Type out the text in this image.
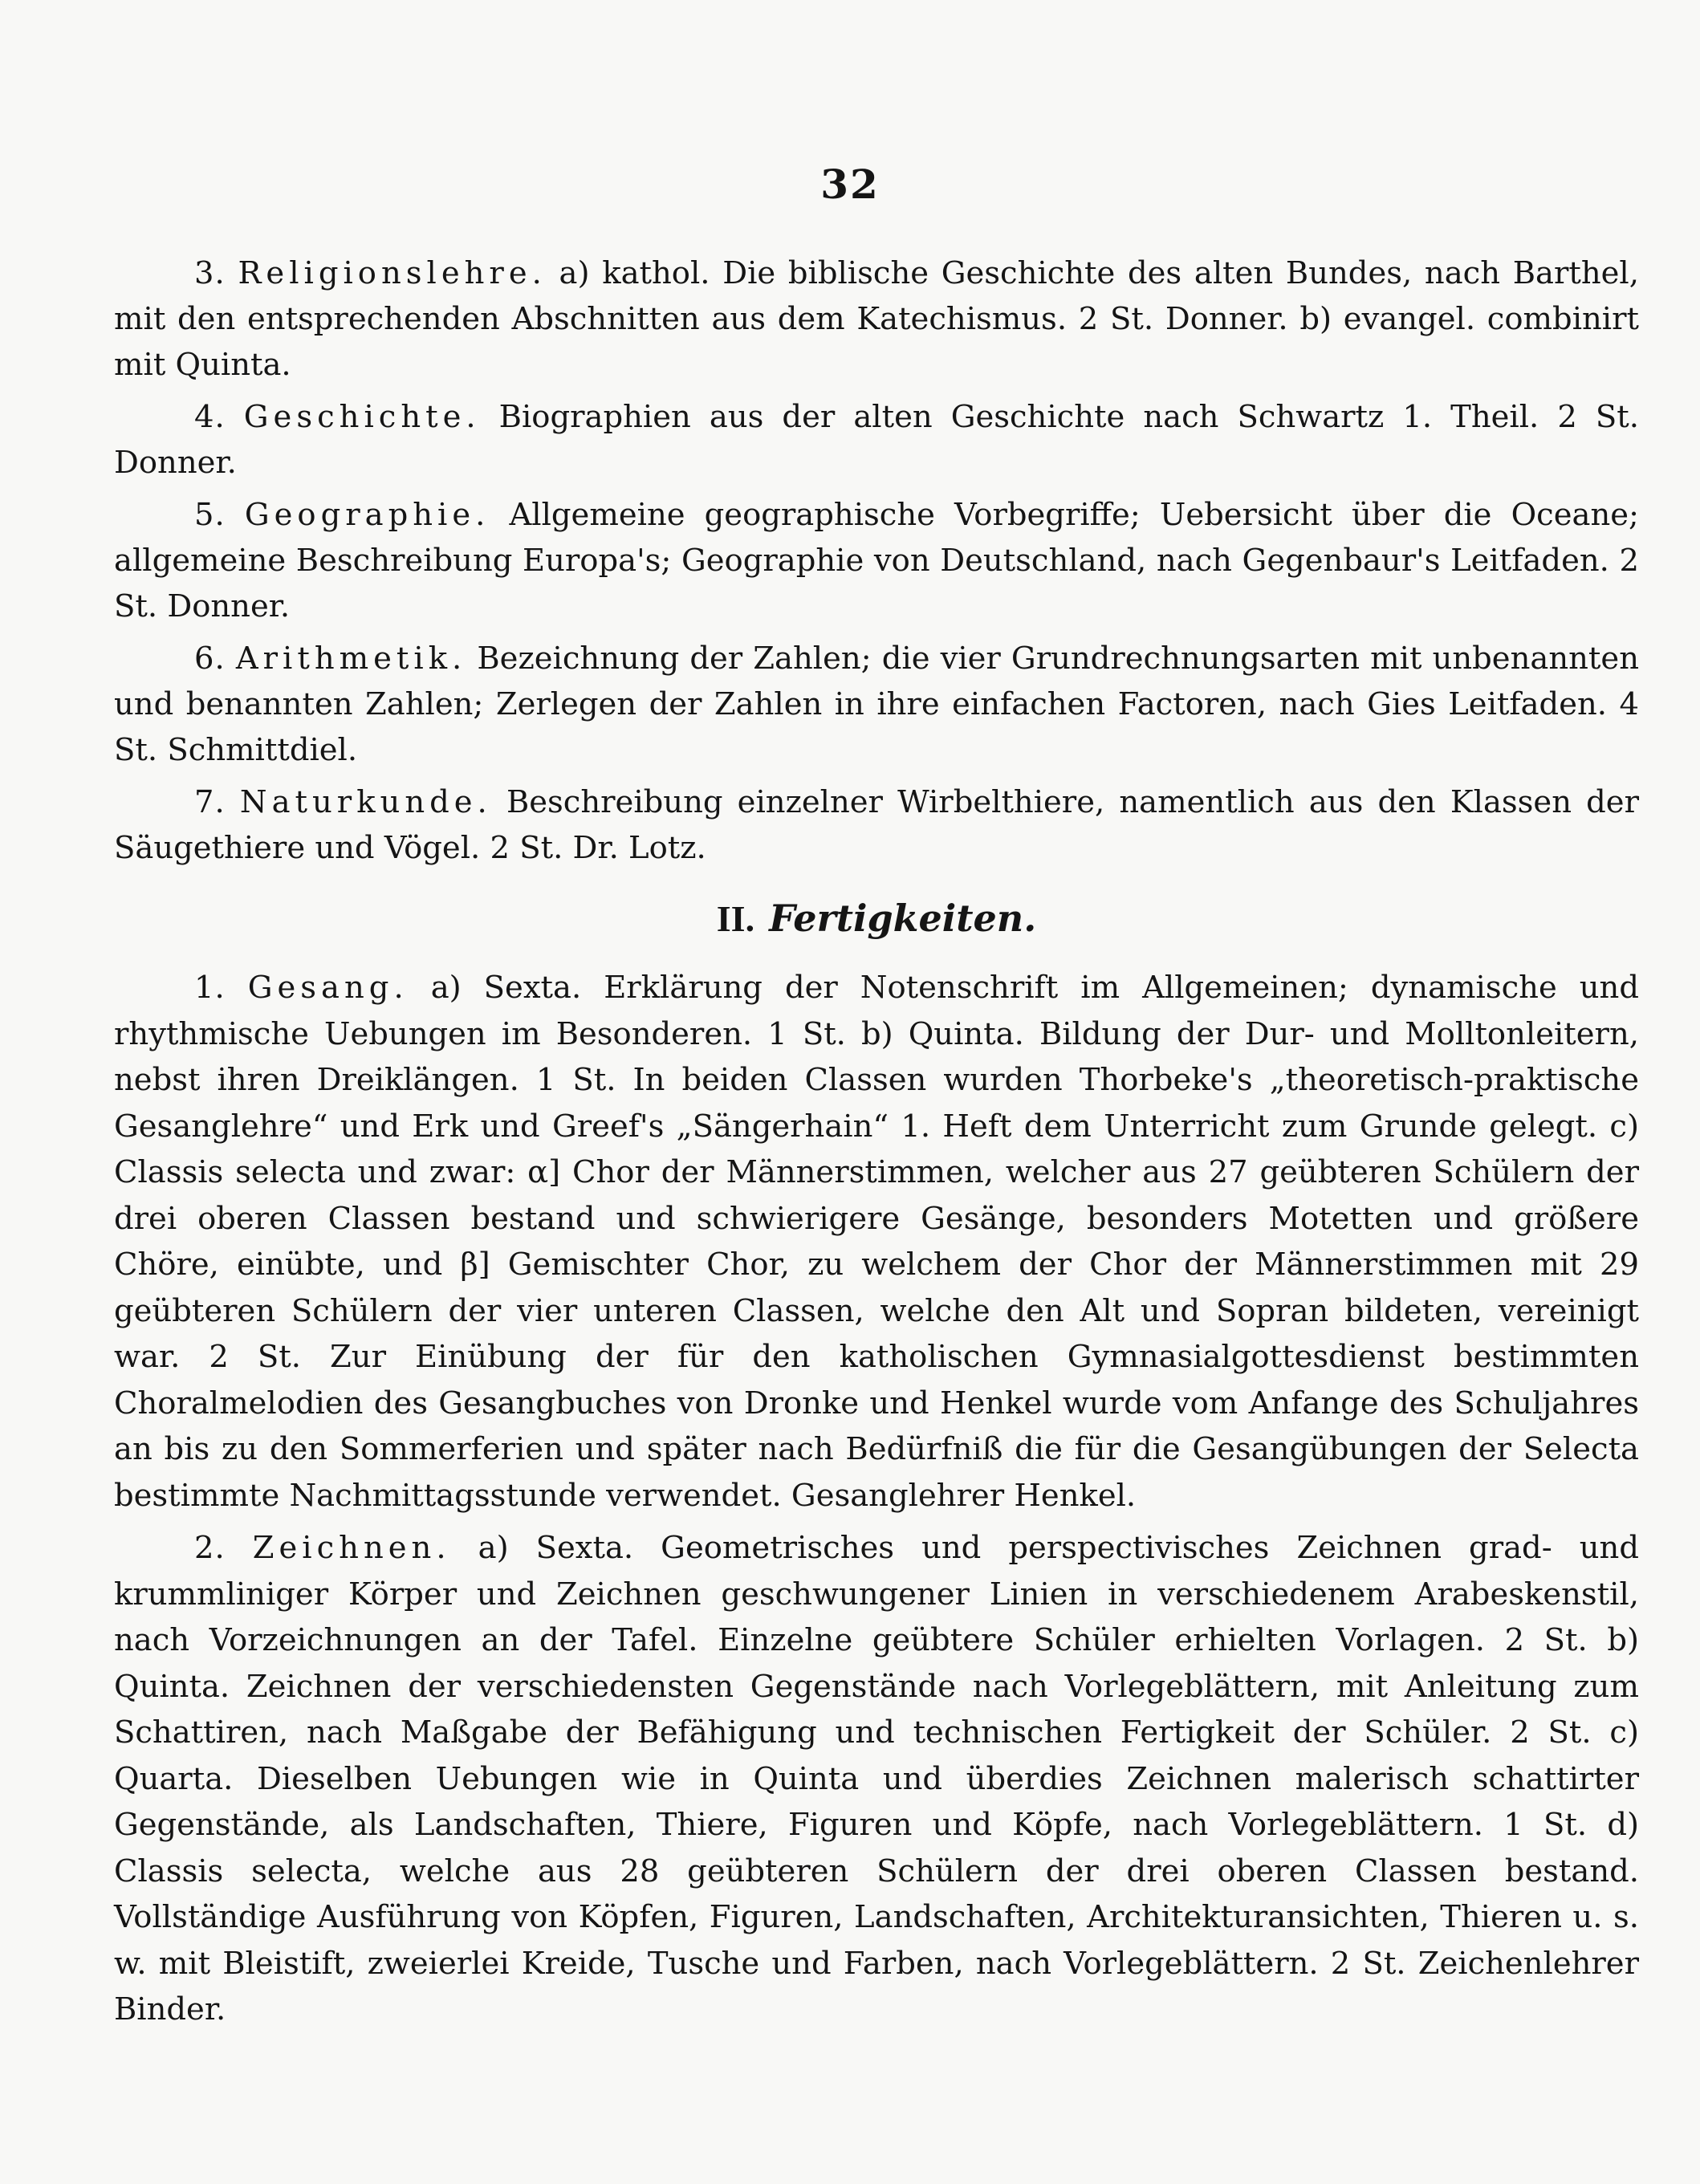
32

3. Religionslehre. a) kathol. Die biblische Geschichte des alten Bundes, nach Barthel, mit den entsprechenden Abschnitten aus dem Katechismus. 2 St. Donner. b) evangel. combinirt mit Quinta.

4. Geschichte. Biographien aus der alten Geschichte nach Schwartz 1. Theil. 2 St. Donner.

5. Geographie. Allgemeine geographische Vorbegriffe; Uebersicht über die Oceane; allgemeine Beschreibung Europa's; Geographie von Deutschland, nach Gegenbaur's Leitfaden. 2 St. Donner.

6. Arithmetik. Bezeichnung der Zahlen; die vier Grundrechnungsarten mit unbenannten und benannten Zahlen; Zerlegen der Zahlen in ihre einfachen Factoren, nach Gies Leitfaden. 4 St. Schmittdiel.

7. Naturkunde. Beschreibung einzelner Wirbelthiere, namentlich aus den Klassen der Säugethiere und Vögel. 2 St. Dr. Lotz.

II. Fertigkeiten.

1. Gesang. a) Sexta. Erklärung der Notenschrift im Allgemeinen; dynamische und rhythmische Uebungen im Besonderen. 1 St. b) Quinta. Bildung der Dur- und Molltonleitern, nebst ihren Dreiklängen. 1 St. In beiden Classen wurden Thorbeke's „theoretisch-praktische Gesanglehre“ und Erk und Greef's „Sängerhain“ 1. Heft dem Unterricht zum Grunde gelegt. c) Classis selecta und zwar: α] Chor der Männerstimmen, welcher aus 27 geübteren Schülern der drei oberen Classen bestand und schwierigere Gesänge, besonders Motetten und größere Chöre, einübte, und β] Gemischter Chor, zu welchem der Chor der Männerstimmen mit 29 geübteren Schülern der vier unteren Classen, welche den Alt und Sopran bildeten, vereinigt war. 2 St. Zur Einübung der für den katholischen Gymnasialgottesdienst bestimmten Choralmelodien des Gesangbuches von Dronke und Henkel wurde vom Anfange des Schuljahres an bis zu den Sommerferien und später nach Bedürfniß die für die Gesangübungen der Selecta bestimmte Nachmittagsstunde verwendet. Gesanglehrer Henkel.

2. Zeichnen. a) Sexta. Geometrisches und perspectivisches Zeichnen grad- und krummliniger Körper und Zeichnen geschwungener Linien in verschiedenem Arabeskenstil, nach Vorzeichnungen an der Tafel. Einzelne geübtere Schüler erhielten Vorlagen. 2 St. b) Quinta. Zeichnen der verschiedensten Gegenstände nach Vorlegeblättern, mit Anleitung zum Schattiren, nach Maßgabe der Befähigung und technischen Fertigkeit der Schüler. 2 St. c) Quarta. Dieselben Uebungen wie in Quinta und überdies Zeichnen malerisch schattirter Gegenstände, als Landschaften, Thiere, Figuren und Köpfe, nach Vorlegeblättern. 1 St. d) Classis selecta, welche aus 28 geübteren Schülern der drei oberen Classen bestand. Vollständige Ausführung von Köpfen, Figuren, Landschaften, Architekturansichten, Thieren u. s. w. mit Bleistift, zweierlei Kreide, Tusche und Farben, nach Vorlegeblättern. 2 St. Zeichenlehrer Binder.
